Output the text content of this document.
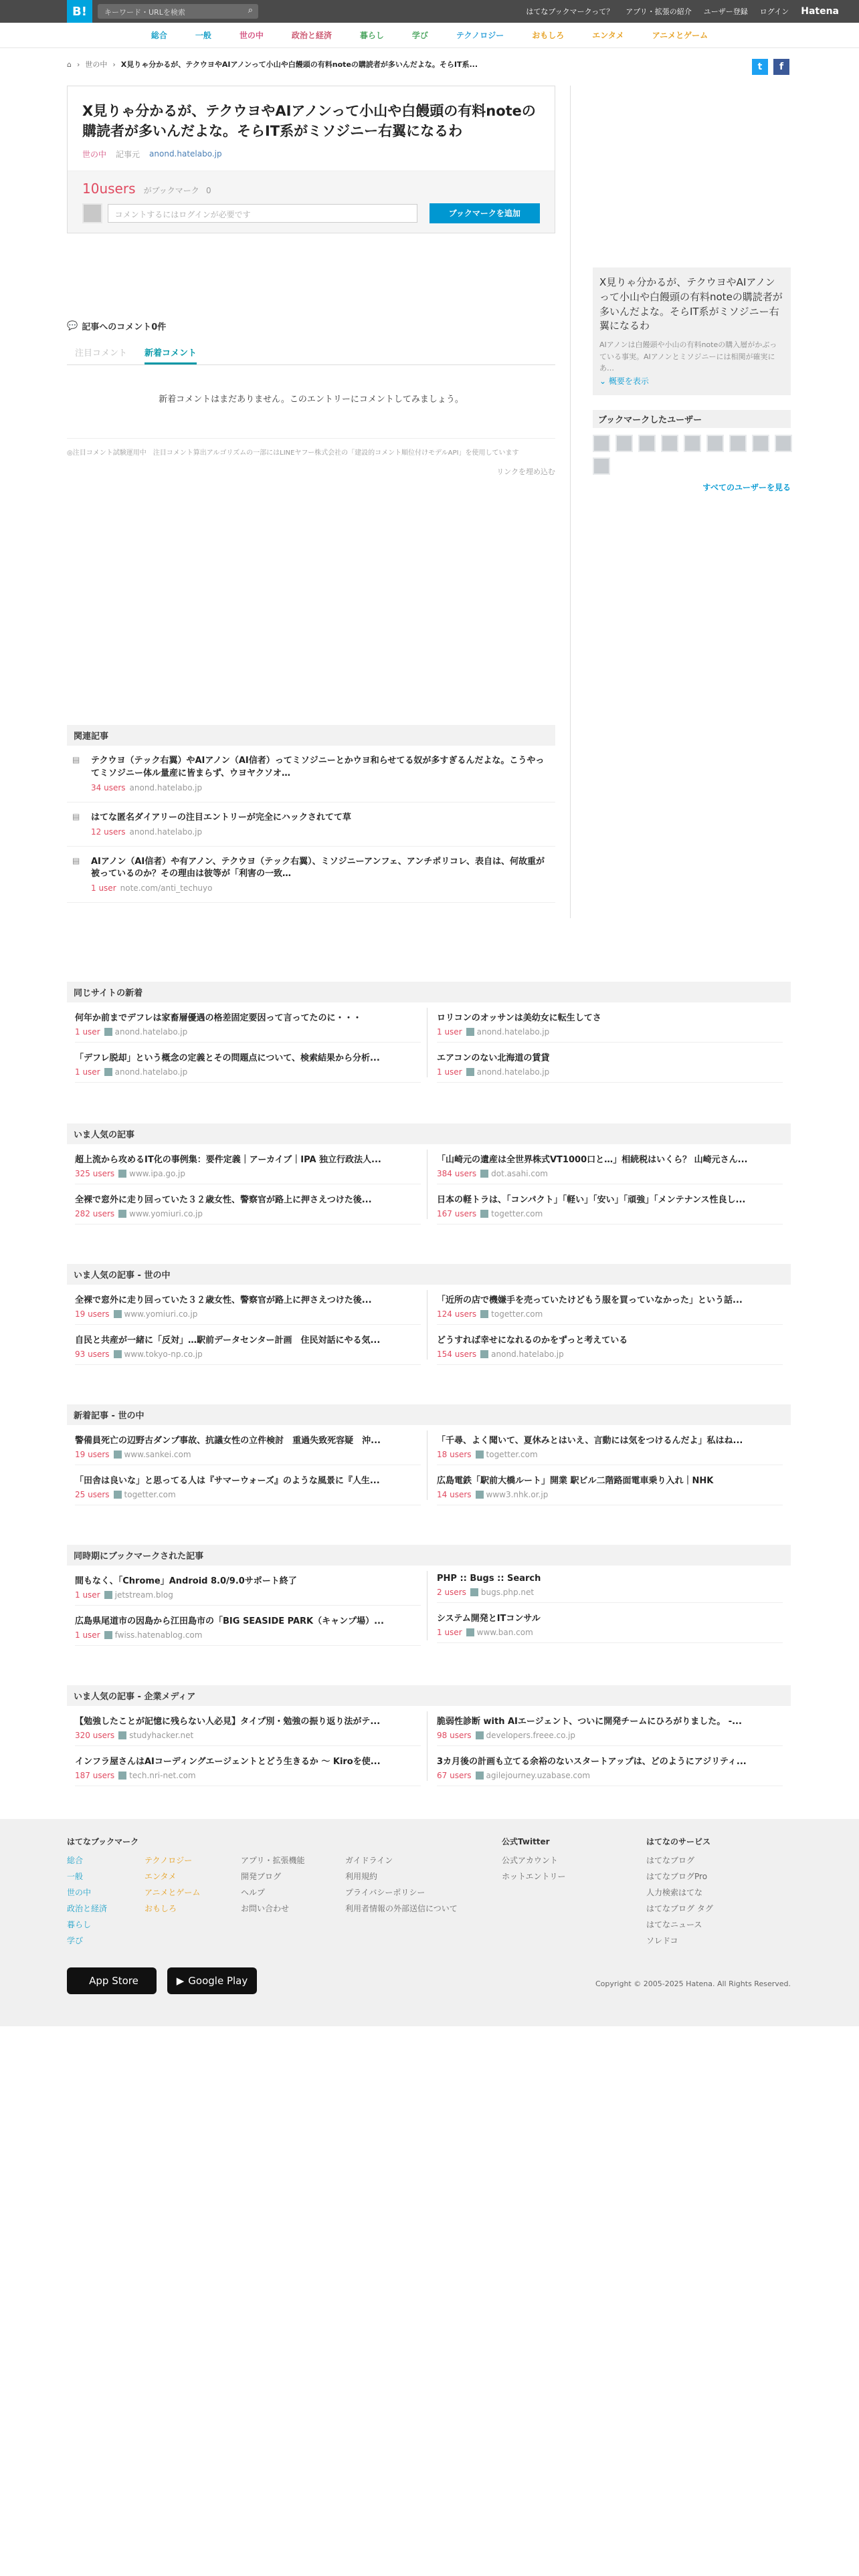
B!	キーワード・URLを検索	⌕	はてなブックマークって？ アプリ・拡張の紹介 ユーザー登録 ログイン Hatena
総合	一般	世の中	政治と経済	暮らし	学び	テクノロジー	おもしろ	エンタメ	アニメとゲーム
⌂ › 世の中 › X見りゃ分かるが、テクウヨやAIアノンって小山や白饅頭の有料noteの購読者が多いんだよな。そらIT系...	t	f
X見りゃ分かるが、テクウヨやAIアノンって小山や白饅頭の有料noteの購読者が多いんだよな。そらIT系がミソジニー右翼になるわ
世の中 記事元 anond.hatelabo.jp
10users がブックマーク 0
コメントするにはログインが必要です	ブックマークを追加
💬 記事へのコメント0件
注目コメント 新着コメント
新着コメントはまだありません。このエントリーにコメントしてみましょう。
◎注目コメント試験運用中　注目コメント算出アルゴリズムの一部にはLINEヤフー株式会社の「建設的コメント順位付けモデルAPI」を使用しています
リンクを埋め込む
X見りゃ分かるが、テクウヨやAIアノンって小山や白饅頭の有料noteの購読者が多いんだよな。そらIT系がミソジニー右翼になるわ

AIアノンは白饅頭や小山の有料noteの購入層がかぶっている事実。AIアノンとミソジニーには相関が確実にあ…

⌄ 概要を表示
ブックマークしたユーザー
すべてのユーザーを見る
関連記事
▤	テクウヨ（テック右翼）やAIアノン（AI信者）ってミソジニーとかウヨ和らせてる奴が多すぎるんだよな。こうやってミソジニー体ル量産に皆まらず、ウヨヤクソオ…
34 users anond.hatelabo.jp
▤	はてな匿名ダイアリーの注目エントリーが完全にハックされてて草
12 users anond.hatelabo.jp
▤	AIアノン（AI信者）や有アノン、テクウヨ（テック右翼）、ミソジニーアンフェ、アンチポリコレ、表自は、何故重が被っているのか？その理由は彼等が「利害の一致…
1 user note.com/anti_techuyo
同じサイトの新着
何年か前までデフレは家畜層優遇の格差固定要因って言ってたのに・・・
1 user anond.hatelabo.jp
「デフレ脱却」という概念の定義とその問題点について、検索結果から分析...
1 user anond.hatelabo.jp
ロリコンのオッサンは美幼女に転生してさ
1 user anond.hatelabo.jp
エアコンのない北海道の賃貸
1 user anond.hatelabo.jp
いま人気の記事
超上流から攻めるIT化の事例集：要件定義｜アーカイブ｜IPA 独立行政法人...
325 users www.ipa.go.jp
全裸で窓外に走り回っていた３２歳女性、警察官が路上に押さえつけた後...
282 users www.yomiuri.co.jp
「山崎元の遺産は全世界株式VT1000口と…」相続税はいくら？ 山崎元さん...
384 users dot.asahi.com
日本の軽トラは、「コンパクト」「軽い」「安い」「頑強」「メンテナンス性良し...
167 users togetter.com
いま人気の記事 - 世の中
全裸で窓外に走り回っていた３２歳女性、警察官が路上に押さえつけた後...
19 users www.yomiuri.co.jp
自民と共産が一緒に「反対」…駅前データセンター計画　住民対話にやる気...
93 users www.tokyo-np.co.jp
「近所の店で機嫌手を売っていたけどもう服を買っていなかった」という話...
124 users togetter.com
どうすれば幸せになれるのかをずっと考えている
154 users anond.hatelabo.jp
新着記事 - 世の中
警備員死亡の辺野古ダンプ事故、抗議女性の立件検討　重過失致死容疑　沖...
19 users www.sankei.com
「田舎は良いな」と思ってる人は『サマーウォーズ』のような風景に『人生...
25 users togetter.com
「千尋、よく聞いて、夏休みとはいえ、言動には気をつけるんだよ」私はね...
18 users togetter.com
広島電鉄「駅前大橋ルート」開業 駅ビル二階路面電車乗り入れ｜NHK
14 users www3.nhk.or.jp
同時期にブックマークされた記事
間もなく、「Chrome」Android 8.0/9.0サポート終了
1 user jetstream.blog
広島県尾道市の因島から江田島市の「BIG SEASIDE PARK（キャンプ場）...
1 user fwiss.hatenablog.com
PHP :: Bugs :: Search
2 users bugs.php.net
システム開発とITコンサル
1 user www.ban.com
いま人気の記事 - 企業メディア
【勉強したことが記憶に残らない人必見】タイプ別・勉強の振り返り法がテ...
320 users studyhacker.net
インフラ屋さんはAIコーディングエージェントとどう生きるか ～ Kiroを使...
187 users tech.nri-net.com
脆弱性診断 with AIエージェント、ついに開発チームにひろがりました。 -...
98 users developers.freee.co.jp
3カ月後の計画も立てる余裕のないスタートアップは、どのようにアジリティ...
67 users agilejourney.uzabase.com
はてなブックマーク
総合
一般
世の中
政治と経済
暮らし
学び
テクノロジー
エンタメ
アニメとゲーム
おもしろ
アプリ・拡張機能
開発ブログ
ヘルプ
お問い合わせ
ガイドライン
利用規約
プライバシーポリシー
利用者情報の外部送信について
公式Twitter
公式アカウント
ホットエントリー
はてなのサービス
はてなブログ
はてなブログPro
人力検索はてな
はてなブログ タグ
はてなニュース
ソレドコ
App Store	▶ Google Play	Copyright © 2005-2025 Hatena. All Rights Reserved.
